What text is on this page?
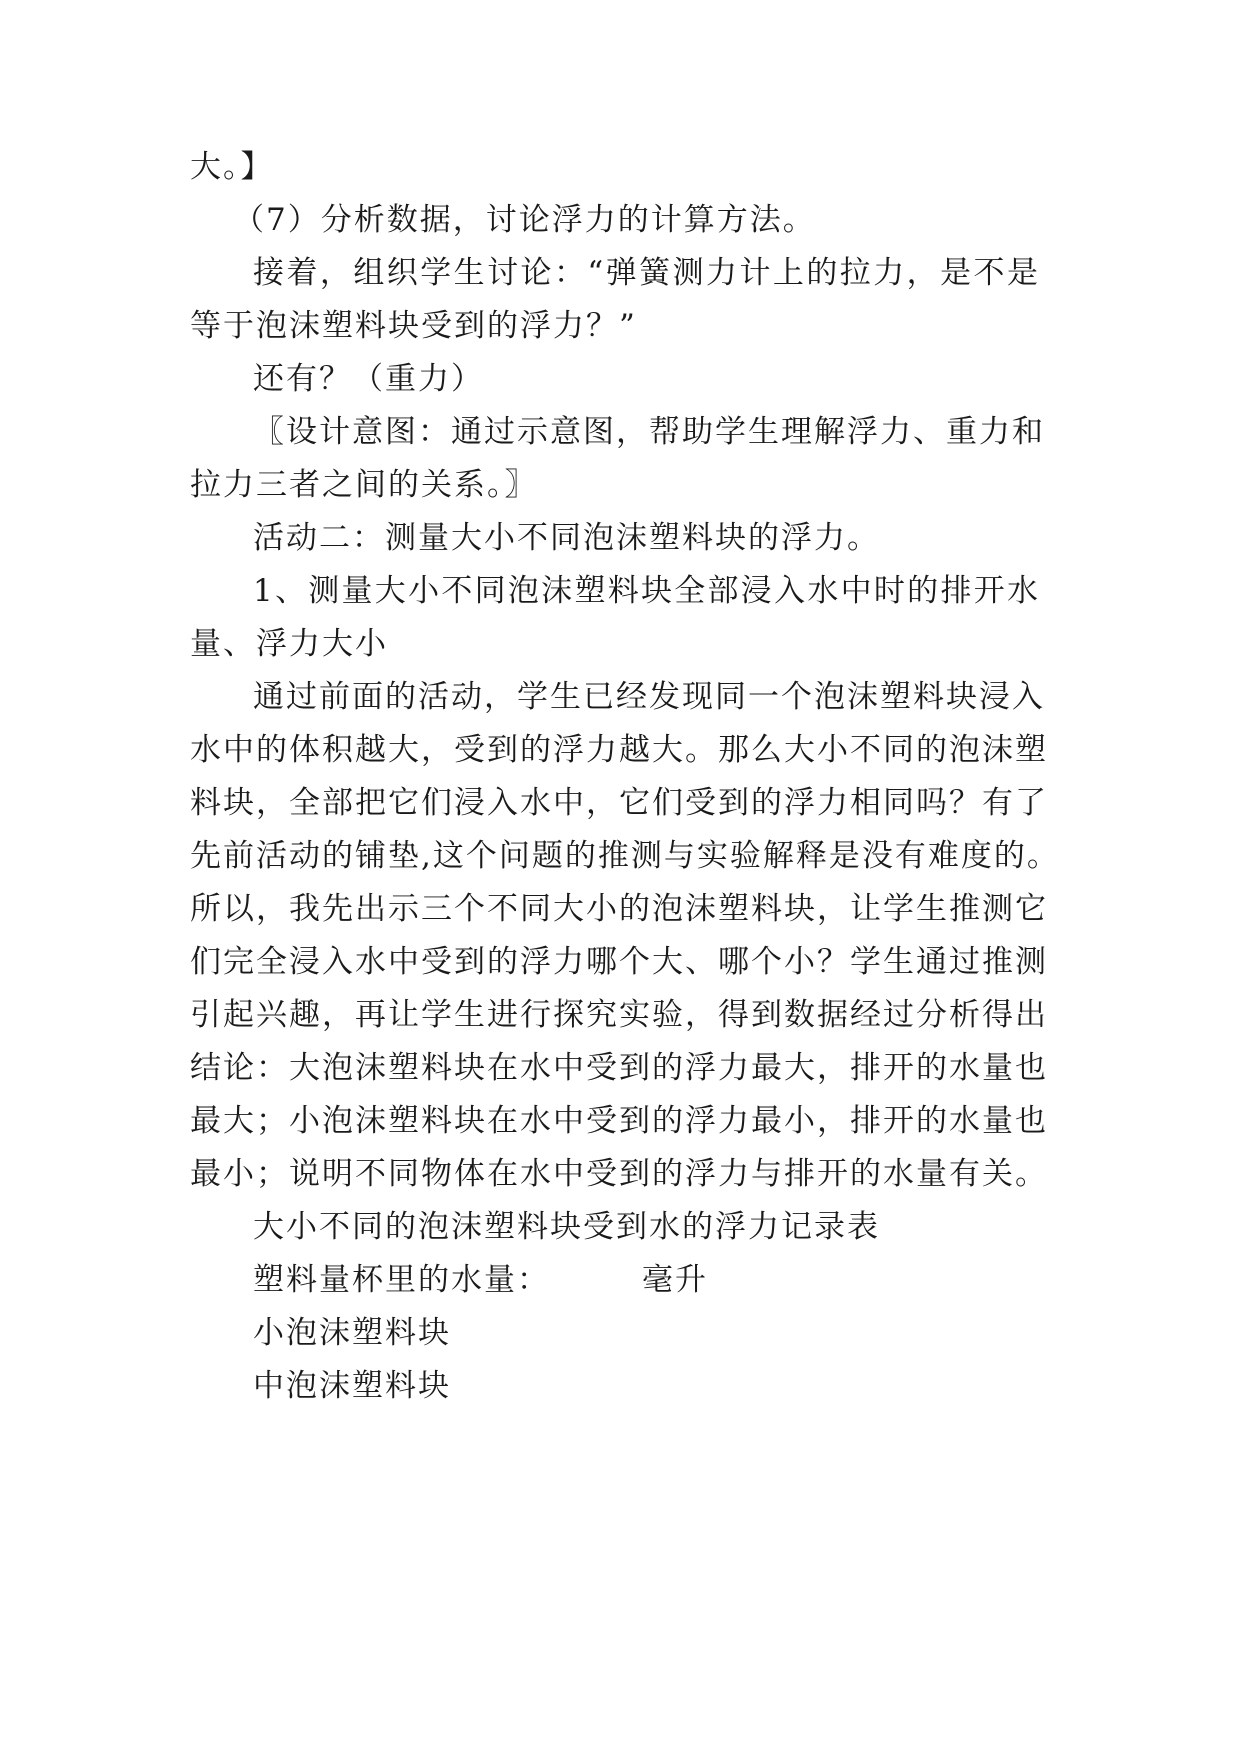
大。】
（7）分析数据，讨论浮力的计算方法。
接着，组织学生讨论：“弹簧测力计上的拉力，是不是
等于泡沫塑料块受到的浮力？”
还有？（重力）
〖设计意图：通过示意图，帮助学生理解浮力、重力和
拉力三者之间的关系。〗
活动二：测量大小不同泡沫塑料块的浮力。
1、测量大小不同泡沫塑料块全部浸入水中时的排开水
量、浮力大小
通过前面的活动，学生已经发现同一个泡沫塑料块浸入
水中的体积越大，受到的浮力越大。那么大小不同的泡沫塑
料块，全部把它们浸入水中，它们受到的浮力相同吗？有了
先前活动的铺垫,这个问题的推测与实验解释是没有难度的。
所以，我先出示三个不同大小的泡沫塑料块，让学生推测它
们完全浸入水中受到的浮力哪个大、哪个小？学生通过推测
引起兴趣，再让学生进行探究实验，得到数据经过分析得出
结论：大泡沫塑料块在水中受到的浮力最大，排开的水量也
最大；小泡沫塑料块在水中受到的浮力最小，排开的水量也
最小；说明不同物体在水中受到的浮力与排开的水量有关。
大小不同的泡沫塑料块受到水的浮力记录表
塑料量杯里的水量：	毫升
小泡沫塑料块
中泡沫塑料块
